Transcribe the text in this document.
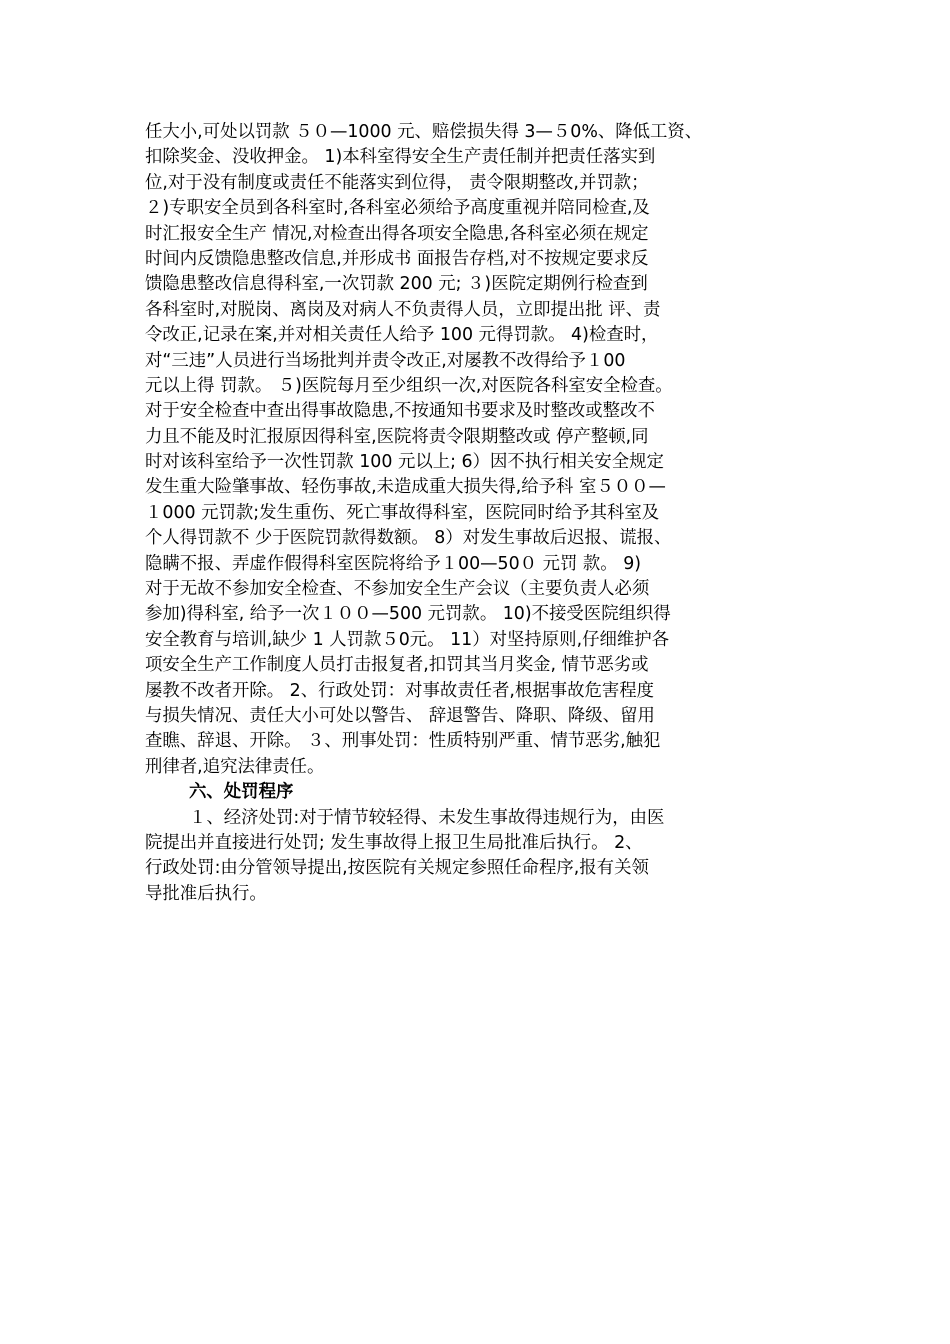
任大小,可处以罚款 ５０—1000 元、赔偿损失得 3—５0%、降低工资、
扣除奖金、没收押金。 1)本科室得安全生产责任制并把责任落实到
位,对于没有制度或责任不能落实到位得， 责令限期整改,并罚款；
２)专职安全员到各科室时,各科室必须给予高度重视并陪同检查,及
时汇报安全生产 情况,对检查出得各项安全隐患,各科室必须在规定
时间内反馈隐患整改信息,并形成书 面报告存档,对不按规定要求反
馈隐患整改信息得科室,一次罚款 200 元; ３)医院定期例行检查到
各科室时,对脱岗、离岗及对病人不负责得人员，立即提出批 评、责
令改正,记录在案,并对相关责任人给予 100 元得罚款。 4)检查时，
对“三违”人员进行当场批判并责令改正,对屡教不改得给予１00
元以上得 罚款。 ５)医院每月至少组织一次,对医院各科室安全检查。
对于安全检查中查出得事故隐患,不按通知书要求及时整改或整改不
力且不能及时汇报原因得科室,医院将责令限期整改或 停产整顿,同
时对该科室给予一次性罚款 100 元以上; 6）因不执行相关安全规定
发生重大险肇事故、轻伤事故,未造成重大损失得,给予科 室５００—
１000 元罚款;发生重伤、死亡事故得科室，医院同时给予其科室及
个人得罚款不 少于医院罚款得数额。 8）对发生事故后迟报、谎报、
隐瞒不报、弄虚作假得科室医院将给予１00—50０ 元罚 款。 9)
对于无故不参加安全检查、不参加安全生产会议（主要负责人必须
参加)得科室, 给予一次１００—500 元罚款。 10)不接受医院组织得
安全教育与培训,缺少 1 人罚款５0元。 11）对坚持原则,仔细维护各
项安全生产工作制度人员打击报复者,扣罚其当月奖金, 情节恶劣或
屡教不改者开除。 2、行政处罚：对事故责任者,根据事故危害程度
与损失情况、责任大小可处以警告、 辞退警告、降职、降级、留用
查瞧、辞退、开除。 ３、刑事处罚：性质特别严重、情节恶劣,触犯
刑律者,追究法律责任。
六、处罚程序
１、经济处罚:对于情节较轻得、未发生事故得违规行为，由医
院提出并直接进行处罚; 发生事故得上报卫生局批准后执行。 2、
行政处罚:由分管领导提出,按医院有关规定参照任命程序,报有关领
导批准后执行。
